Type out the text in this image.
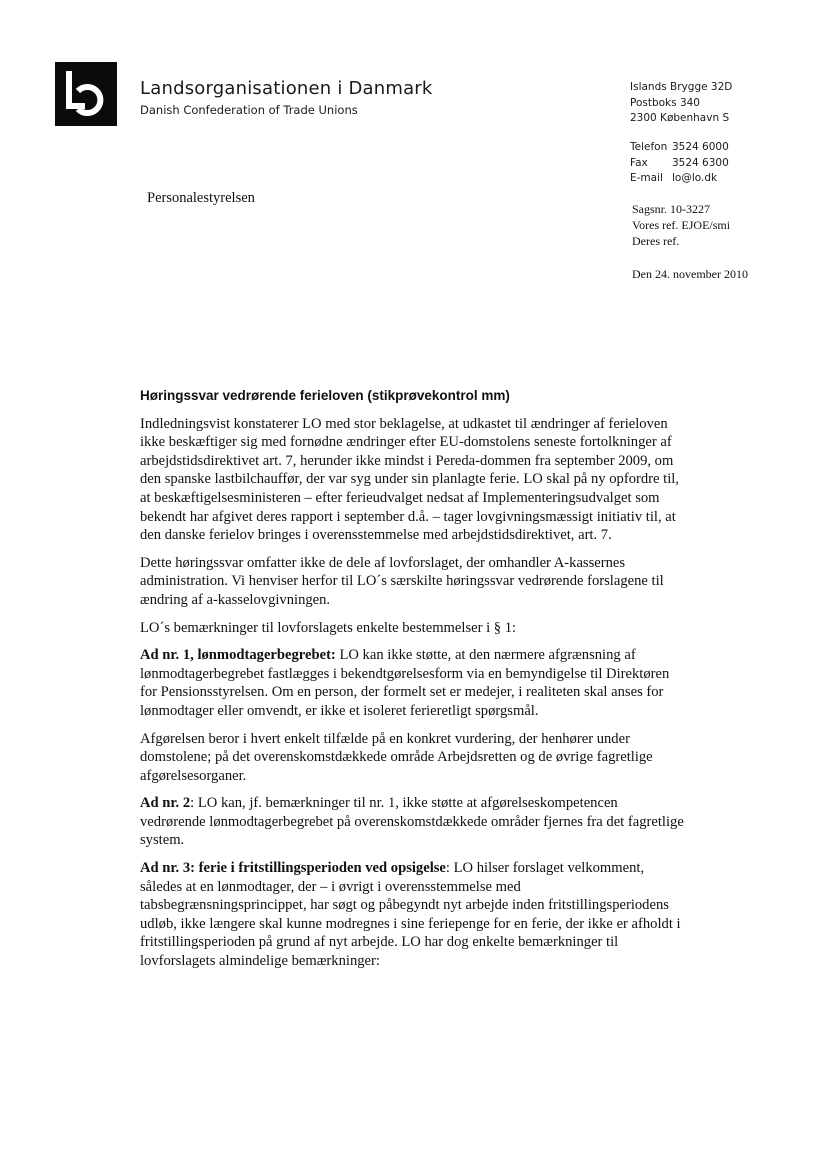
Landsorganisationen i Danmark
Danish Confederation of Trade Unions
Islands Brygge 32D
Postboks 340
2300 København S
Telefon 3524 6000
Fax 3524 6300
E-mail lo@lo.dk
Personalestyrelsen
Sagsnr. 10-3227
Vores ref. EJOE/smi
Deres ref.
Den 24. november 2010
Høringssvar vedrørende ferieloven (stikprøvekontrol mm)

Indledningsvist konstaterer LO med stor beklagelse, at udkastet til ændringer af ferieloven ikke beskæftiger sig med fornødne ændringer efter EU-domstolens seneste fortolkninger af arbejdstidsdirektivet art. 7, herunder ikke mindst i Pereda-dommen fra september 2009, om den spanske lastbilchauffør, der var syg under sin planlagte ferie. LO skal på ny opfordre til, at beskæftigelsesministeren – efter ferieudvalget nedsat af Implementeringsudvalget som bekendt har afgivet deres rapport i september d.å. – tager lovgivningsmæssigt initiativ til, at den danske ferielov bringes i overensstemmelse med arbejdstidsdirektivet, art. 7.

Dette høringssvar omfatter ikke de dele af lovforslaget, der omhandler A-kassernes administration. Vi henviser herfor til LO´s særskilte høringssvar vedrørende forslagene til ændring af a-kasselovgivningen.

LO´s bemærkninger til lovforslagets enkelte bestemmelser i § 1:

Ad nr. 1, lønmodtagerbegrebet: LO kan ikke støtte, at den nærmere afgrænsning af lønmodtagerbegrebet fastlægges i bekendtgørelsesform via en bemyndigelse til Direktøren for Pensionsstyrelsen. Om en person, der formelt set er medejer, i realiteten skal anses for lønmodtager eller omvendt, er ikke et isoleret ferieretligt spørgsmål.

Afgørelsen beror i hvert enkelt tilfælde på en konkret vurdering, der henhører under domstolene; på det overenskomstdækkede område Arbejdsretten og de øvrige fagretlige afgørelsesorganer.

Ad nr. 2: LO kan, jf. bemærkninger til nr. 1, ikke støtte at afgørelseskompetencen vedrørende lønmodtagerbegrebet på overenskomstdækkede områder fjernes fra det fagretlige system.

Ad nr. 3: ferie i fritstillingsperioden ved opsigelse: LO hilser forslaget velkomment, således at en lønmodtager, der – i øvrigt i overensstemmelse med tabsbegrænsningsprincippet, har søgt og påbegyndt nyt arbejde inden fritstillingsperiodens udløb, ikke længere skal kunne modregnes i sine feriepenge for en ferie, der ikke er afholdt i fritstillingsperioden på grund af nyt arbejde. LO har dog enkelte bemærkninger til lovforslagets almindelige bemærkninger:
